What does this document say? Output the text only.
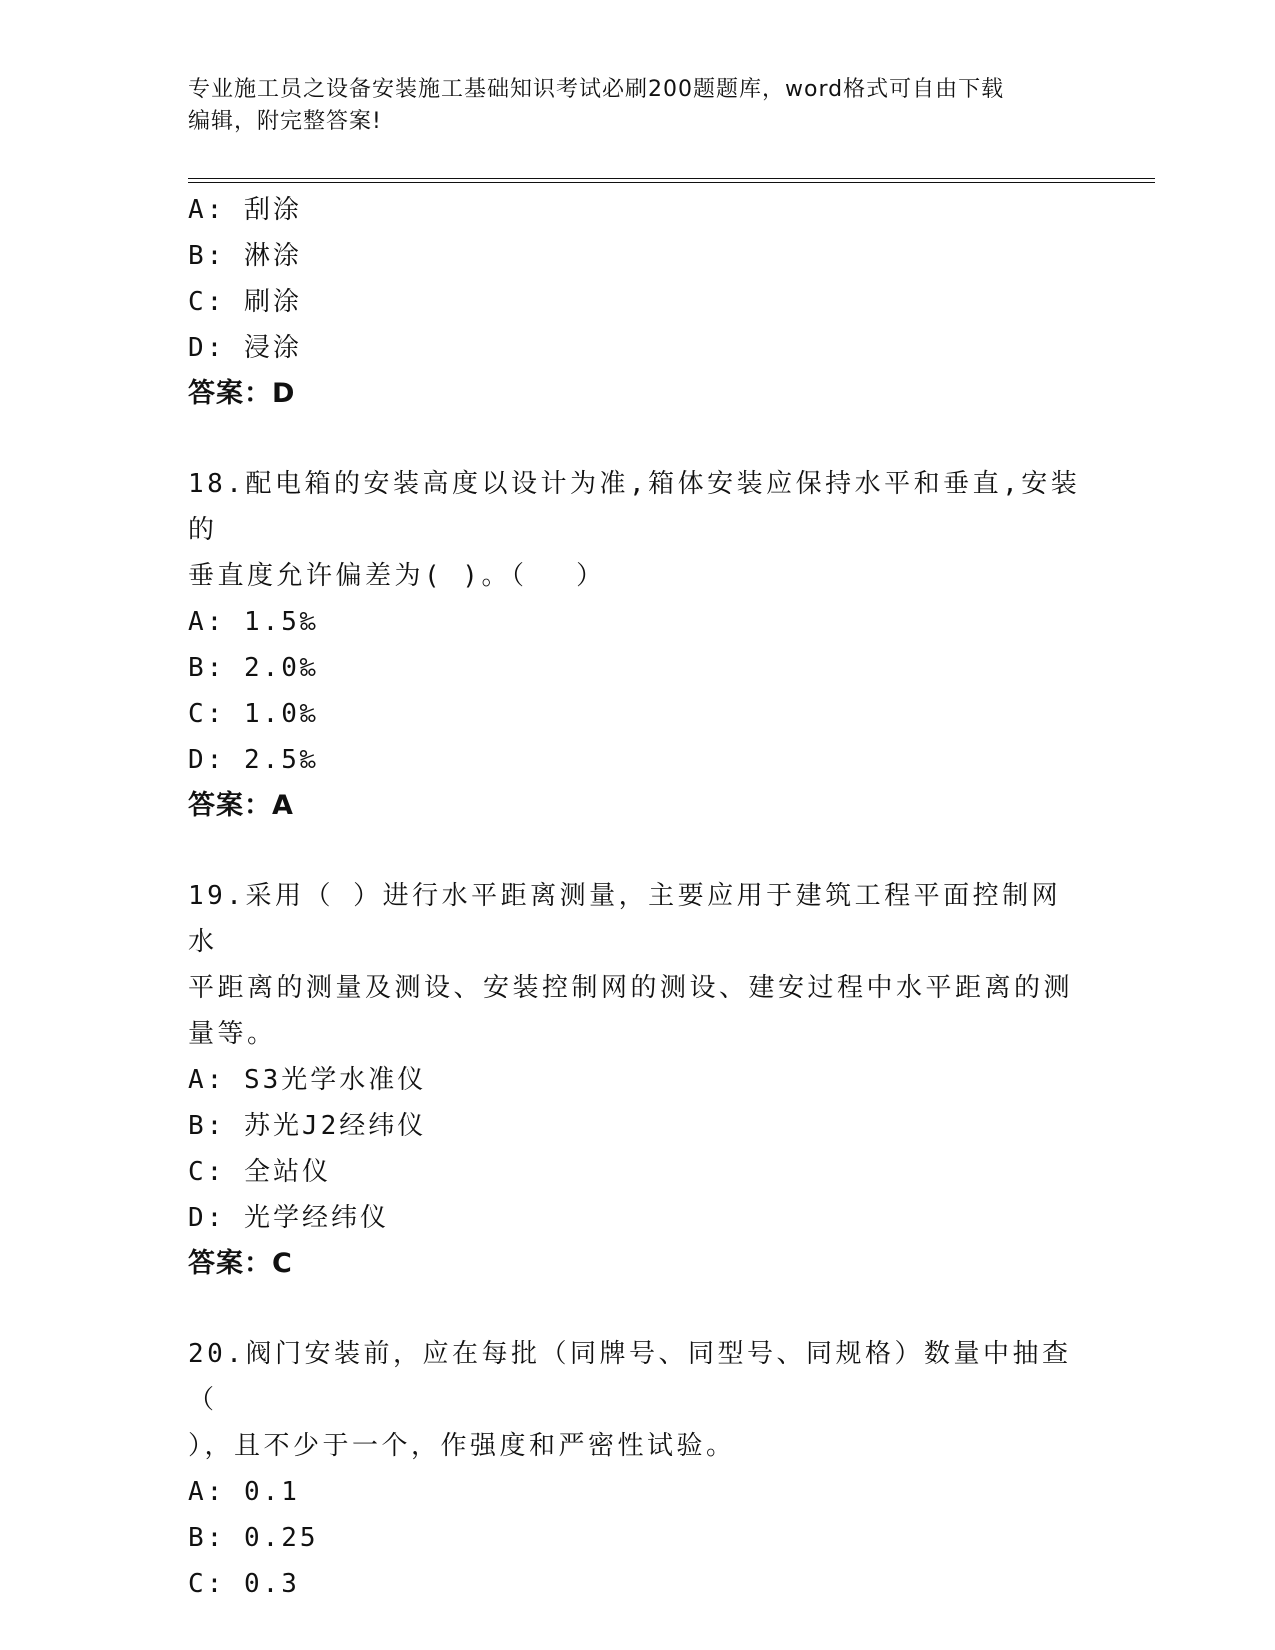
专业施工员之设备安装施工基础知识考试必刷200题题库，word格式可自由下载
编辑，附完整答案!
A: 刮涂
B: 淋涂
C: 刷涂
D: 浸涂
答案：D
18.配电箱的安装高度以设计为准,箱体安装应保持水平和垂直,安装的
垂直度允许偏差为( )。（　 ）
A: 1.5‰
B: 2.0‰
C: 1.0‰
D: 2.5‰
答案：A
19.采用（ ）进行水平距离测量，主要应用于建筑工程平面控制网水
平距离的测量及测设、安装控制网的测设、建安过程中水平距离的测
量等。
A: S3光学水准仪
B: 苏光J2经纬仪
C: 全站仪
D: 光学经纬仪
答案：C
20.阀门安装前，应在每批（同牌号、同型号、同规格）数量中抽查（
），且不少于一个，作强度和严密性试验。
A: 0.1
B: 0.25
C: 0.3
